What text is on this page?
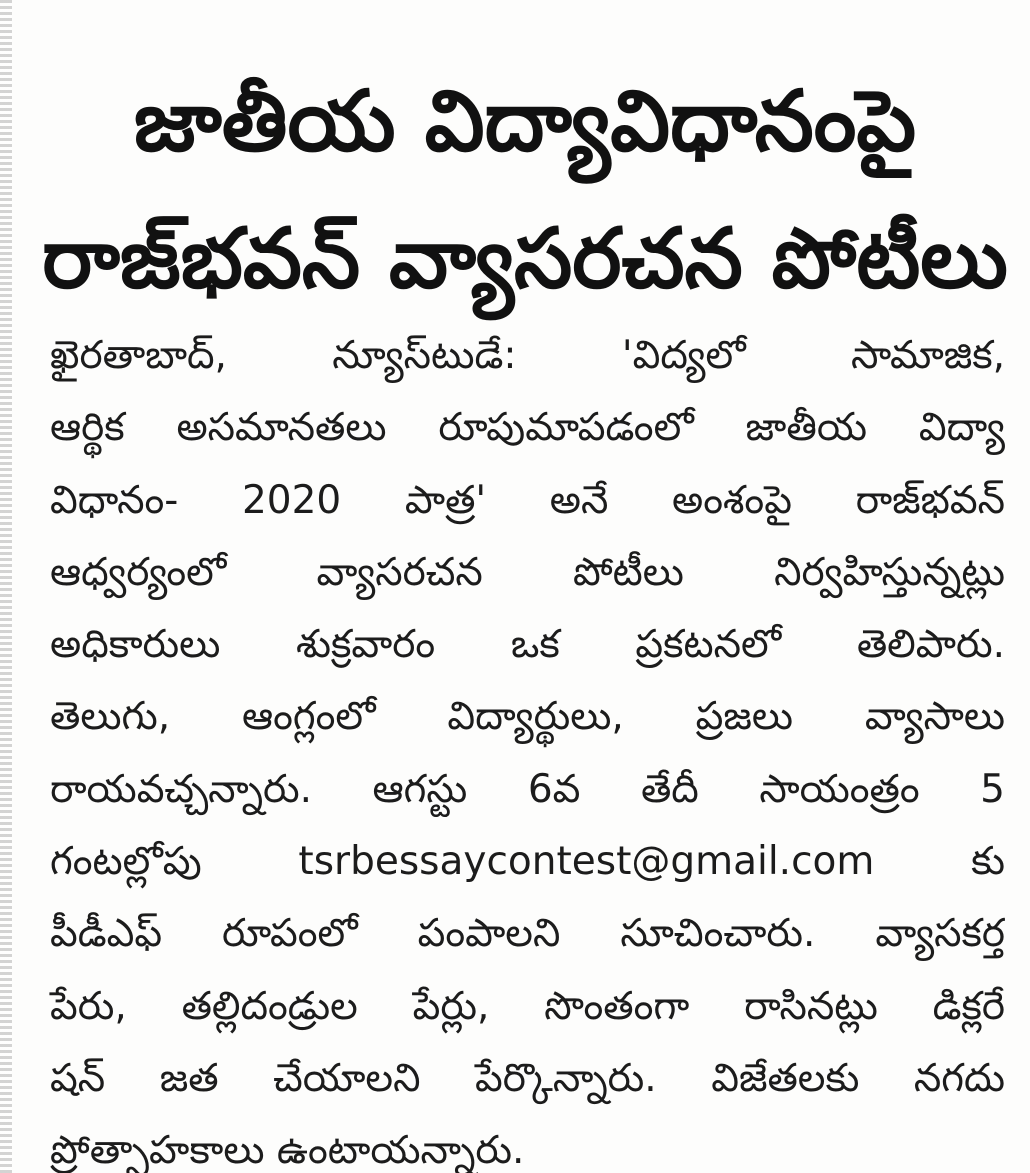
జాతీయ విద్యావిధానంపై
రాజ్‌భవన్ వ్యాసరచన పోటీలు
ఖైరతాబాద్, న్యూస్‌టుడే: 'విద్యలో సామాజిక,
ఆర్థిక అసమానతలు రూపుమాపడంలో జాతీయ విద్యా
విధానం- 2020 పాత్ర' అనే అంశంపై రాజ్‌భవన్
ఆధ్వర్యంలో వ్యాసరచన పోటీలు నిర్వహిస్తున్నట్లు
అధికారులు శుక్రవారం ఒక ప్రకటనలో తెలిపారు.
తెలుగు, ఆంగ్లంలో విద్యార్థులు, ప్రజలు వ్యాసాలు
రాయవచ్చన్నారు. ఆగస్టు 6వ తేదీ సాయంత్రం 5
గంటల్లోపు tsrbessaycontest@gmail.com కు
పీడీఎఫ్ రూపంలో పంపాలని సూచించారు. వ్యాసకర్త
పేరు, తల్లిదండ్రుల పేర్లు, సొంతంగా రాసినట్లు డిక్లరే
షన్ జత చేయాలని పేర్కొన్నారు. విజేతలకు నగదు
ప్రోత్సాహకాలు ఉంటాయన్నారు.
